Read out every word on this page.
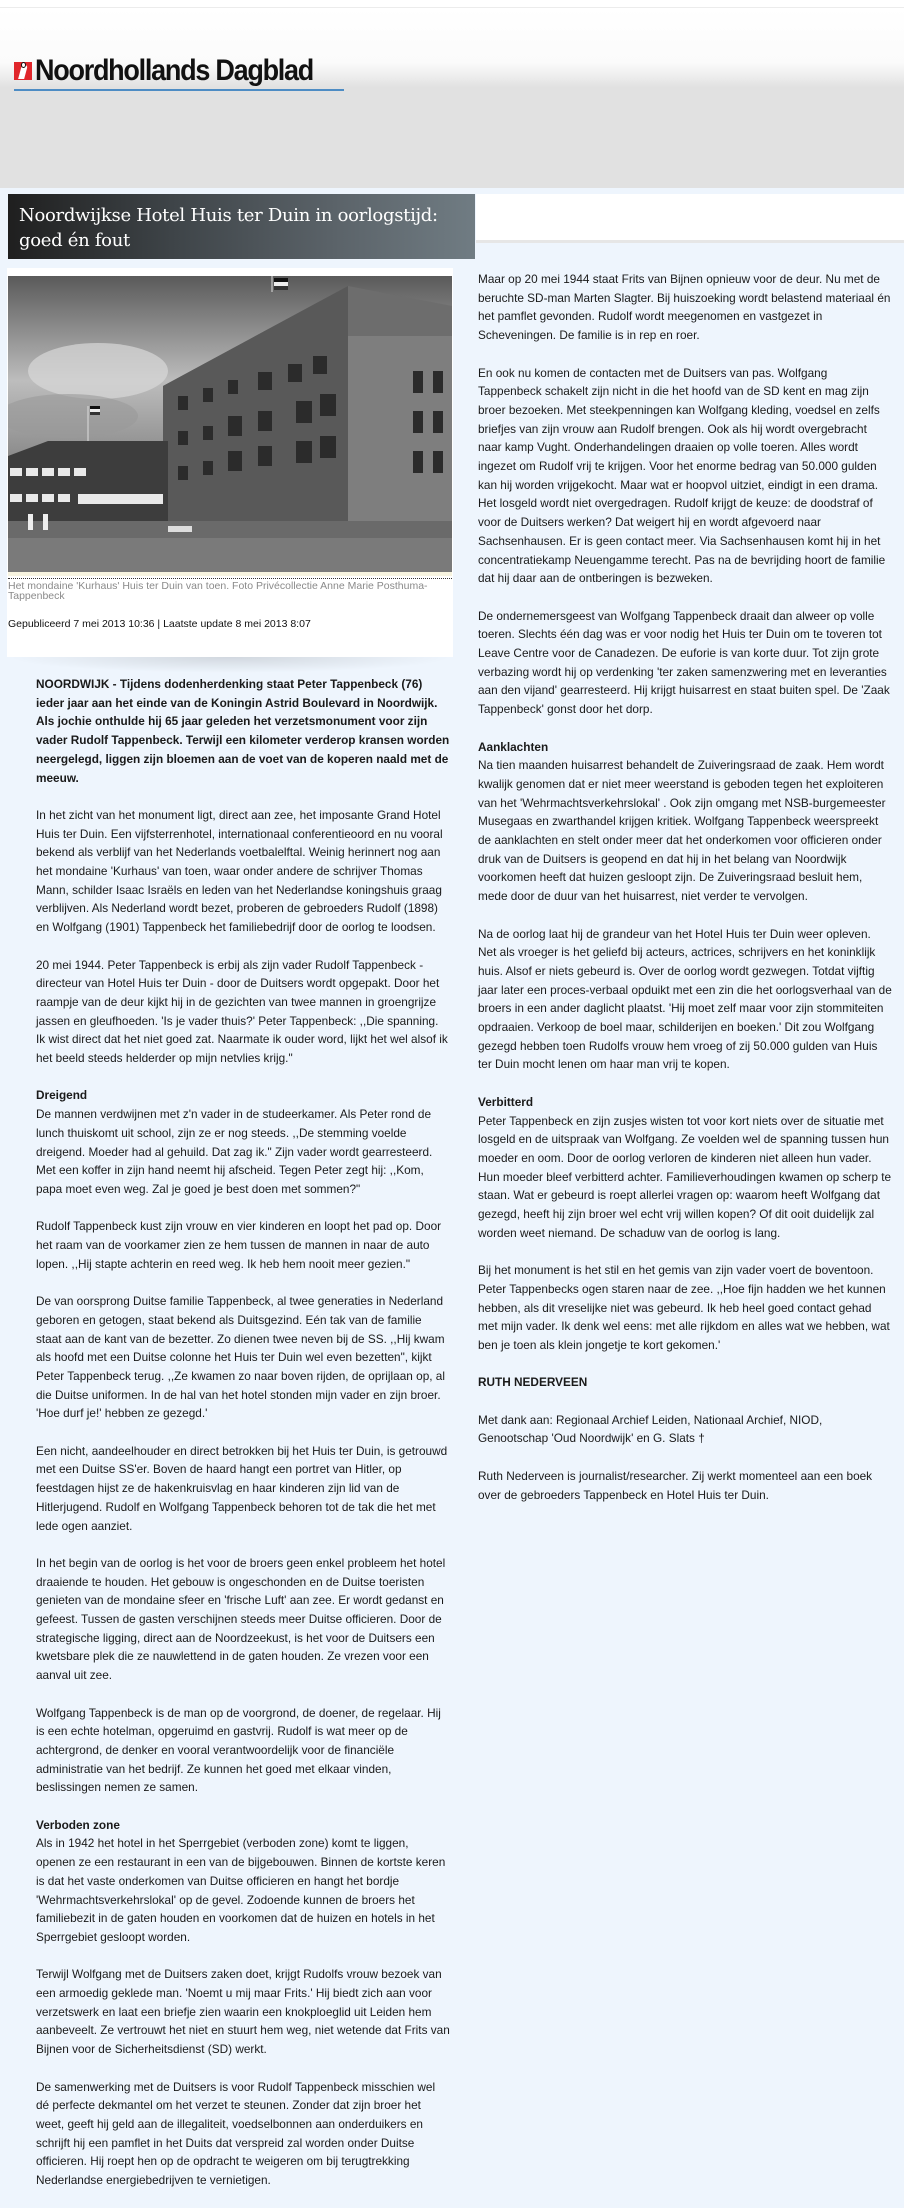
Noordhollands Dagblad
Noordwijkse Hotel Huis ter Duin in oorlogstijd: goed én fout
Het mondaine 'Kurhaus' Huis ter Duin van toen. Foto Privécollectie Anne Marie Posthuma-Tappenbeck
Gepubliceerd 7 mei 2013 10:36 | Laatste update 8 mei 2013 8:07

NOORDWIJK - Tijdens dodenherdenking staat Peter Tappenbeck (76) ieder jaar aan het einde van de Koningin Astrid Boulevard in Noordwijk. Als jochie onthulde hij 65 jaar geleden het verzetsmonument voor zijn vader Rudolf Tappenbeck. Terwijl een kilometer verderop kransen worden neergelegd, liggen zijn bloemen aan de voet van de koperen naald met de meeuw.

In het zicht van het monument ligt, direct aan zee, het imposante Grand Hotel Huis ter Duin. Een vijfsterrenhotel, internationaal conferentieoord en nu vooral bekend als verblijf van het Nederlands voetbalelftal. Weinig herinnert nog aan het mondaine 'Kurhaus' van toen, waar onder andere de schrijver Thomas Mann, schilder Isaac Israëls en leden van het Nederlandse koningshuis graag verblijven. Als Nederland wordt bezet, proberen de gebroeders Rudolf (1898) en Wolfgang (1901) Tappenbeck het familiebedrijf door de oorlog te loodsen.

20 mei 1944. Peter Tappenbeck is erbij als zijn vader Rudolf Tappenbeck - directeur van Hotel Huis ter Duin - door de Duitsers wordt opgepakt. Door het raampje van de deur kijkt hij in de gezichten van twee mannen in groengrijze jassen en gleufhoeden. 'Is je vader thuis?' Peter Tappenbeck: ,,Die spanning. Ik wist direct dat het niet goed zat. Naarmate ik ouder word, lijkt het wel alsof ik het beeld steeds helderder op mijn netvlies krijg."

Dreigend
De mannen verdwijnen met z'n vader in de studeerkamer. Als Peter rond de lunch thuiskomt uit school, zijn ze er nog steeds. ,,De stemming voelde dreigend. Moeder had al gehuild. Dat zag ik." Zijn vader wordt gearresteerd. Met een koffer in zijn hand neemt hij afscheid. Tegen Peter zegt hij: ,,Kom, papa moet even weg. Zal je goed je best doen met sommen?"

Rudolf Tappenbeck kust zijn vrouw en vier kinderen en loopt het pad op. Door het raam van de voorkamer zien ze hem tussen de mannen in naar de auto lopen. ,,Hij stapte achterin en reed weg. Ik heb hem nooit meer gezien."

De van oorsprong Duitse familie Tappenbeck, al twee generaties in Nederland geboren en getogen, staat bekend als Duitsgezind. Eén tak van de familie staat aan de kant van de bezetter. Zo dienen twee neven bij de SS. ,,Hij kwam als hoofd met een Duitse colonne het Huis ter Duin wel even bezetten", kijkt Peter Tappenbeck terug. ,,Ze kwamen zo naar boven rijden, de oprijlaan op, al die Duitse uniformen. In de hal van het hotel stonden mijn vader en zijn broer. 'Hoe durf je!' hebben ze gezegd.'

Een nicht, aandeelhouder en direct betrokken bij het Huis ter Duin, is getrouwd met een Duitse SS'er. Boven de haard hangt een portret van Hitler, op feestdagen hijst ze de hakenkruisvlag en haar kinderen zijn lid van de Hitlerjugend. Rudolf en Wolfgang Tappenbeck behoren tot de tak die het met lede ogen aanziet.

In het begin van de oorlog is het voor de broers geen enkel probleem het hotel draaiende te houden. Het gebouw is ongeschonden en de Duitse toeristen genieten van de mondaine sfeer en 'frische Luft' aan zee. Er wordt gedanst en gefeest. Tussen de gasten verschijnen steeds meer Duitse officieren. Door de strategische ligging, direct aan de Noordzeekust, is het voor de Duitsers een kwetsbare plek die ze nauwlettend in de gaten houden. Ze vrezen voor een aanval uit zee.

Wolfgang Tappenbeck is de man op de voorgrond, de doener, de regelaar. Hij is een echte hotelman, opgeruimd en gastvrij. Rudolf is wat meer op de achtergrond, de denker en vooral verantwoordelijk voor de financiële administratie van het bedrijf. Ze kunnen het goed met elkaar vinden, beslissingen nemen ze samen.

Verboden zone
Als in 1942 het hotel in het Sperrgebiet (verboden zone) komt te liggen, openen ze een restaurant in een van de bijgebouwen. Binnen de kortste keren is dat het vaste onderkomen van Duitse officieren en hangt het bordje 'Wehrmachtsverkehrslokal' op de gevel. Zodoende kunnen de broers het familiebezit in de gaten houden en voorkomen dat de huizen en hotels in het Sperrgebiet gesloopt worden.

Terwijl Wolfgang met de Duitsers zaken doet, krijgt Rudolfs vrouw bezoek van een armoedig geklede man. 'Noemt u mij maar Frits.' Hij biedt zich aan voor verzetswerk en laat een briefje zien waarin een knokploeglid uit Leiden hem aanbeveelt. Ze vertrouwt het niet en stuurt hem weg, niet wetende dat Frits van Bijnen voor de Sicherheitsdienst (SD) werkt.

De samenwerking met de Duitsers is voor Rudolf Tappenbeck misschien wel dé perfecte dekmantel om het verzet te steunen. Zonder dat zijn broer het weet, geeft hij geld aan de illegaliteit, voedselbonnen aan onderduikers en schrijft hij een pamflet in het Duits dat verspreid zal worden onder Duitse officieren. Hij roept hen op de opdracht te weigeren om bij terugtrekking Nederlandse energiebedrijven te vernietigen.

Maar op 20 mei 1944 staat Frits van Bijnen opnieuw voor de deur. Nu met de beruchte SD-man Marten Slagter. Bij huiszoeking wordt belastend materiaal én het pamflet gevonden. Rudolf wordt meegenomen en vastgezet in Scheveningen. De familie is in rep en roer.

En ook nu komen de contacten met de Duitsers van pas. Wolfgang Tappenbeck schakelt zijn nicht in die het hoofd van de SD kent en mag zijn broer bezoeken. Met steekpenningen kan Wolfgang kleding, voedsel en zelfs briefjes van zijn vrouw aan Rudolf brengen. Ook als hij wordt overgebracht naar kamp Vught. Onderhandelingen draaien op volle toeren. Alles wordt ingezet om Rudolf vrij te krijgen. Voor het enorme bedrag van 50.000 gulden kan hij worden vrijgekocht. Maar wat er hoopvol uitziet, eindigt in een drama. Het losgeld wordt niet overgedragen. Rudolf krijgt de keuze: de doodstraf of voor de Duitsers werken? Dat weigert hij en wordt afgevoerd naar Sachsenhausen. Er is geen contact meer. Via Sachsenhausen komt hij in het concentratiekamp Neuengamme terecht. Pas na de bevrijding hoort de familie dat hij daar aan de ontberingen is bezweken.

De ondernemersgeest van Wolfgang Tappenbeck draait dan alweer op volle toeren. Slechts één dag was er voor nodig het Huis ter Duin om te toveren tot Leave Centre voor de Canadezen. De euforie is van korte duur. Tot zijn grote verbazing wordt hij op verdenking 'ter zaken samenzwering met en leveranties aan den vijand' gearresteerd. Hij krijgt huisarrest en staat buiten spel. De 'Zaak Tappenbeck' gonst door het dorp.

Aanklachten
Na tien maanden huisarrest behandelt de Zuiveringsraad de zaak. Hem wordt kwalijk genomen dat er niet meer weerstand is geboden tegen het exploiteren van het 'Wehrmachtsverkehrslokal' . Ook zijn omgang met NSB-burgemeester Musegaas en zwarthandel krijgen kritiek. Wolfgang Tappenbeck weerspreekt de aanklachten en stelt onder meer dat het onderkomen voor officieren onder druk van de Duitsers is geopend en dat hij in het belang van Noordwijk voorkomen heeft dat huizen gesloopt zijn. De Zuiveringsraad besluit hem, mede door de duur van het huisarrest, niet verder te vervolgen.

Na de oorlog laat hij de grandeur van het Hotel Huis ter Duin weer opleven. Net als vroeger is het geliefd bij acteurs, actrices, schrijvers en het koninklijk huis. Alsof er niets gebeurd is. Over de oorlog wordt gezwegen. Totdat vijftig jaar later een proces-verbaal opduikt met een zin die het oorlogsverhaal van de broers in een ander daglicht plaatst. 'Hij moet zelf maar voor zijn stommiteiten opdraaien. Verkoop de boel maar, schilderijen en boeken.' Dit zou Wolfgang gezegd hebben toen Rudolfs vrouw hem vroeg of zij 50.000 gulden van Huis ter Duin mocht lenen om haar man vrij te kopen.

Verbitterd
Peter Tappenbeck en zijn zusjes wisten tot voor kort niets over de situatie met losgeld en de uitspraak van Wolfgang. Ze voelden wel de spanning tussen hun moeder en oom. Door de oorlog verloren de kinderen niet alleen hun vader. Hun moeder bleef verbitterd achter. Familieverhoudingen kwamen op scherp te staan. Wat er gebeurd is roept allerlei vragen op: waarom heeft Wolfgang dat gezegd, heeft hij zijn broer wel echt vrij willen kopen? Of dit ooit duidelijk zal worden weet niemand. De schaduw van de oorlog is lang.

Bij het monument is het stil en het gemis van zijn vader voert de boventoon. Peter Tappenbecks ogen staren naar de zee. ,,Hoe fijn hadden we het kunnen hebben, als dit vreselijke niet was gebeurd. Ik heb heel goed contact gehad met mijn vader. Ik denk wel eens: met alle rijkdom en alles wat we hebben, wat ben je toen als klein jongetje te kort gekomen.'

RUTH NEDERVEEN

Met dank aan: Regionaal Archief Leiden, Nationaal Archief, NIOD, Genootschap 'Oud Noordwijk' en G. Slats †

Ruth Nederveen is journalist/researcher. Zij werkt momenteel aan een boek over de gebroeders Tappenbeck en Hotel Huis ter Duin.
